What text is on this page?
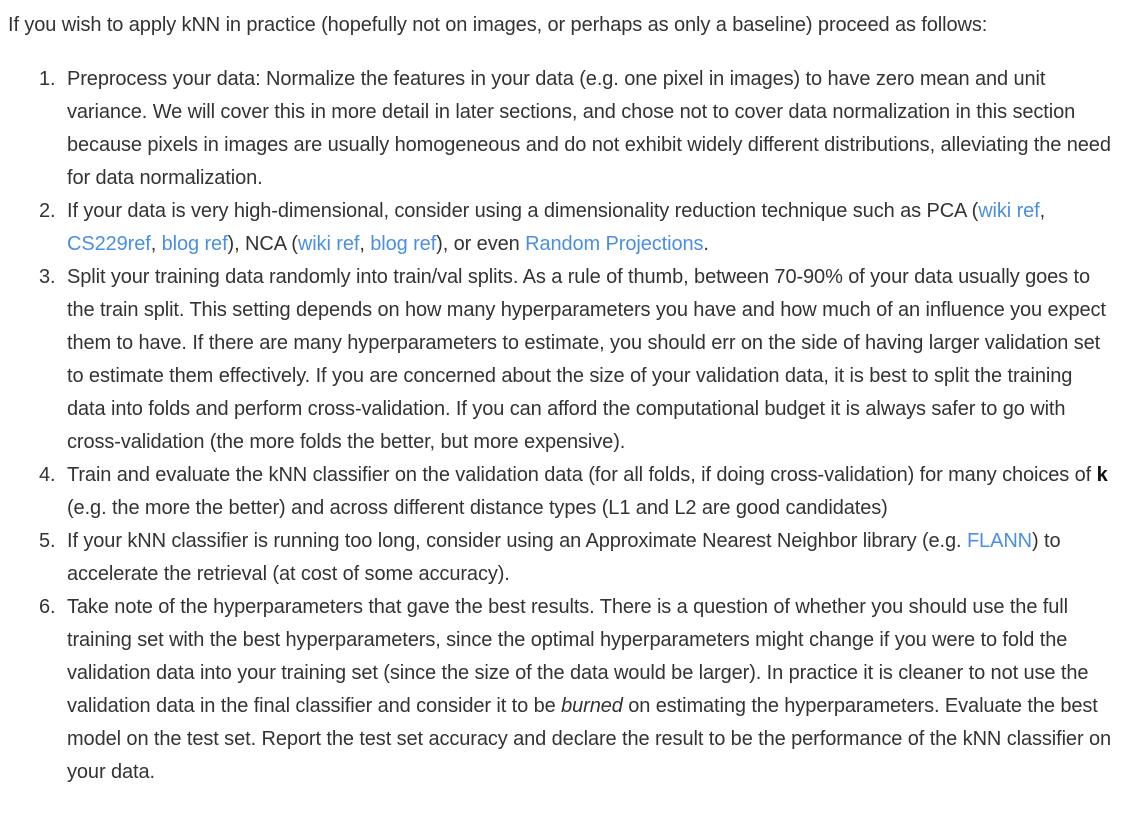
If you wish to apply kNN in practice (hopefully not on images, or perhaps as only a baseline) proceed as follows:

Preprocess your data: Normalize the features in your data (e.g. one pixel in images) to have zero mean and unit variance. We will cover this in more detail in later sections, and chose not to cover data normalization in this section because pixels in images are usually homogeneous and do not exhibit widely different distributions, alleviating the need for data normalization.
If your data is very high-dimensional, consider using a dimensionality reduction technique such as PCA (wiki ref, CS229ref, blog ref), NCA (wiki ref, blog ref), or even Random Projections.
Split your training data randomly into train/val splits. As a rule of thumb, between 70-90% of your data usually goes to the train split. This setting depends on how many hyperparameters you have and how much of an influence you expect them to have. If there are many hyperparameters to estimate, you should err on the side of having larger validation set to estimate them effectively. If you are concerned about the size of your validation data, it is best to split the training data into folds and perform cross-validation. If you can afford the computational budget it is always safer to go with cross-validation (the more folds the better, but more expensive).
Train and evaluate the kNN classifier on the validation data (for all folds, if doing cross-validation) for many choices of k (e.g. the more the better) and across different distance types (L1 and L2 are good candidates)
If your kNN classifier is running too long, consider using an Approximate Nearest Neighbor library (e.g. FLANN) to accelerate the retrieval (at cost of some accuracy).
Take note of the hyperparameters that gave the best results. There is a question of whether you should use the full training set with the best hyperparameters, since the optimal hyperparameters might change if you were to fold the validation data into your training set (since the size of the data would be larger). In practice it is cleaner to not use the validation data in the final classifier and consider it to be burned on estimating the hyperparameters. Evaluate the best model on the test set. Report the test set accuracy and declare the result to be the performance of the kNN classifier on your data.
